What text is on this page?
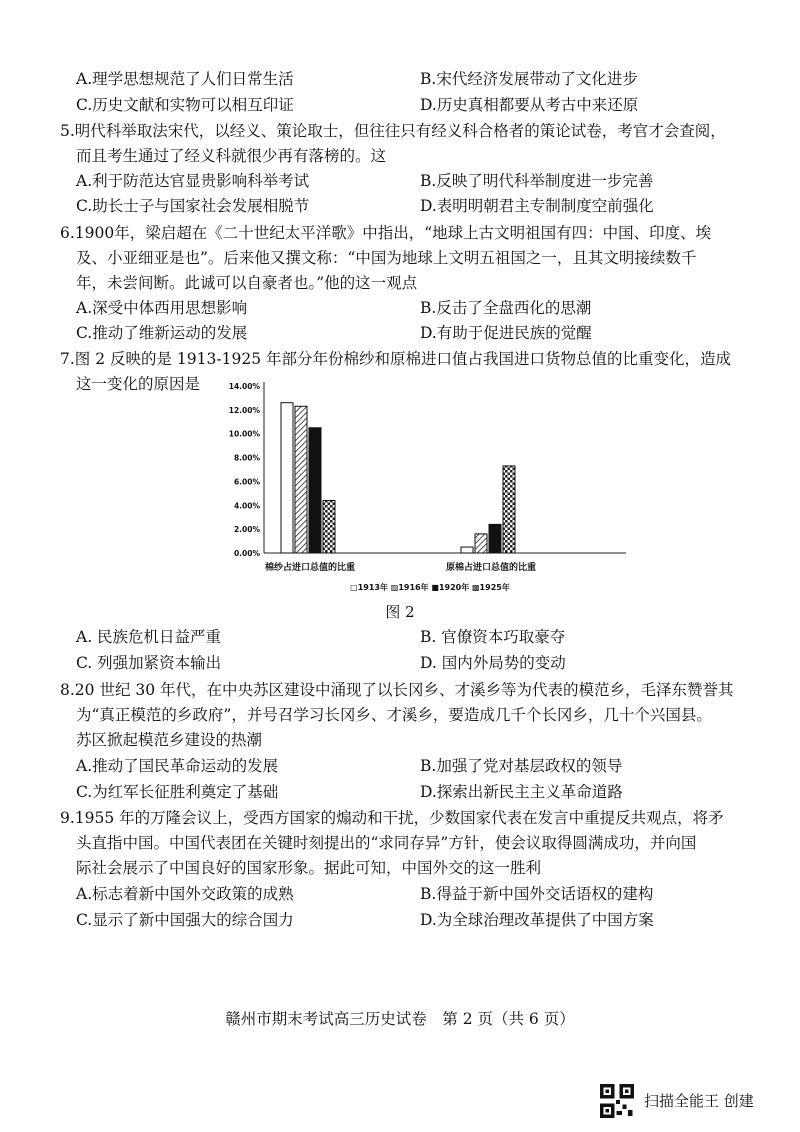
A.理学思想规范了人们日常生活	B.宋代经济发展带动了文化进步
C.历史文献和实物可以相互印证	D.历史真相都要从考古中来还原
5.明代科举取法宋代，以经义、策论取士，但往往只有经义科合格者的策论试卷，考官才会查阅，
而且考生通过了经义科就很少再有落榜的。这
A.利于防范达官显贵影响科举考试	B.反映了明代科举制度进一步完善
C.助长士子与国家社会发展相脱节	D.表明明朝君主专制制度空前强化
6.1900年，梁启超在《二十世纪太平洋歌》中指出，“地球上古文明祖国有四：中国、印度、埃
及、小亚细亚是也”。后来他又撰文称：“中国为地球上文明五祖国之一，且其文明接续数千
年，未尝间断。此诚可以自豪者也。”他的这一观点
A.深受中体西用思想影响	B.反击了全盘西化的思潮
C.推动了维新运动的发展	D.有助于促进民族的觉醒
7.图 2 反映的是 1913-1925 年部分年份棉纱和原棉进口值占我国进口货物总值的比重变化，造成
这一变化的原因是
0.00%
2.00%
4.00%
6.00%
8.00%
10.00%
12.00%
14.00%
棉纱占进口总值的比重	原棉占进口总值的比重
□1913年 ▨1916年 ■1920年 ▩1925年
图 2
A. 民族危机日益严重	B. 官僚资本巧取豪夺
C. 列强加紧资本输出	D. 国内外局势的变动
8.20 世纪 30 年代，在中央苏区建设中涌现了以长冈乡、才溪乡等为代表的模范乡，毛泽东赞誉其
为“真正模范的乡政府”，并号召学习长冈乡、才溪乡，要造成几千个长冈乡，几十个兴国县。
苏区掀起模范乡建设的热潮
A.推动了国民革命运动的发展	B.加强了党对基层政权的领导
C.为红军长征胜利奠定了基础	D.探索出新民主主义革命道路
9.1955 年的万隆会议上，受西方国家的煽动和干扰，少数国家代表在发言中重提反共观点，将矛
头直指中国。中国代表团在关键时刻提出的“求同存异”方针，使会议取得圆满成功，并向国
际社会展示了中国良好的国家形象。据此可知，中国外交的这一胜利
A.标志着新中国外交政策的成熟	B.得益于新中国外交话语权的建构
C.显示了新中国强大的综合国力	D.为全球治理改革提供了中国方案
赣州市期末考试高三历史试卷　第 2 页（共 6 页）
扫描全能王 创建
